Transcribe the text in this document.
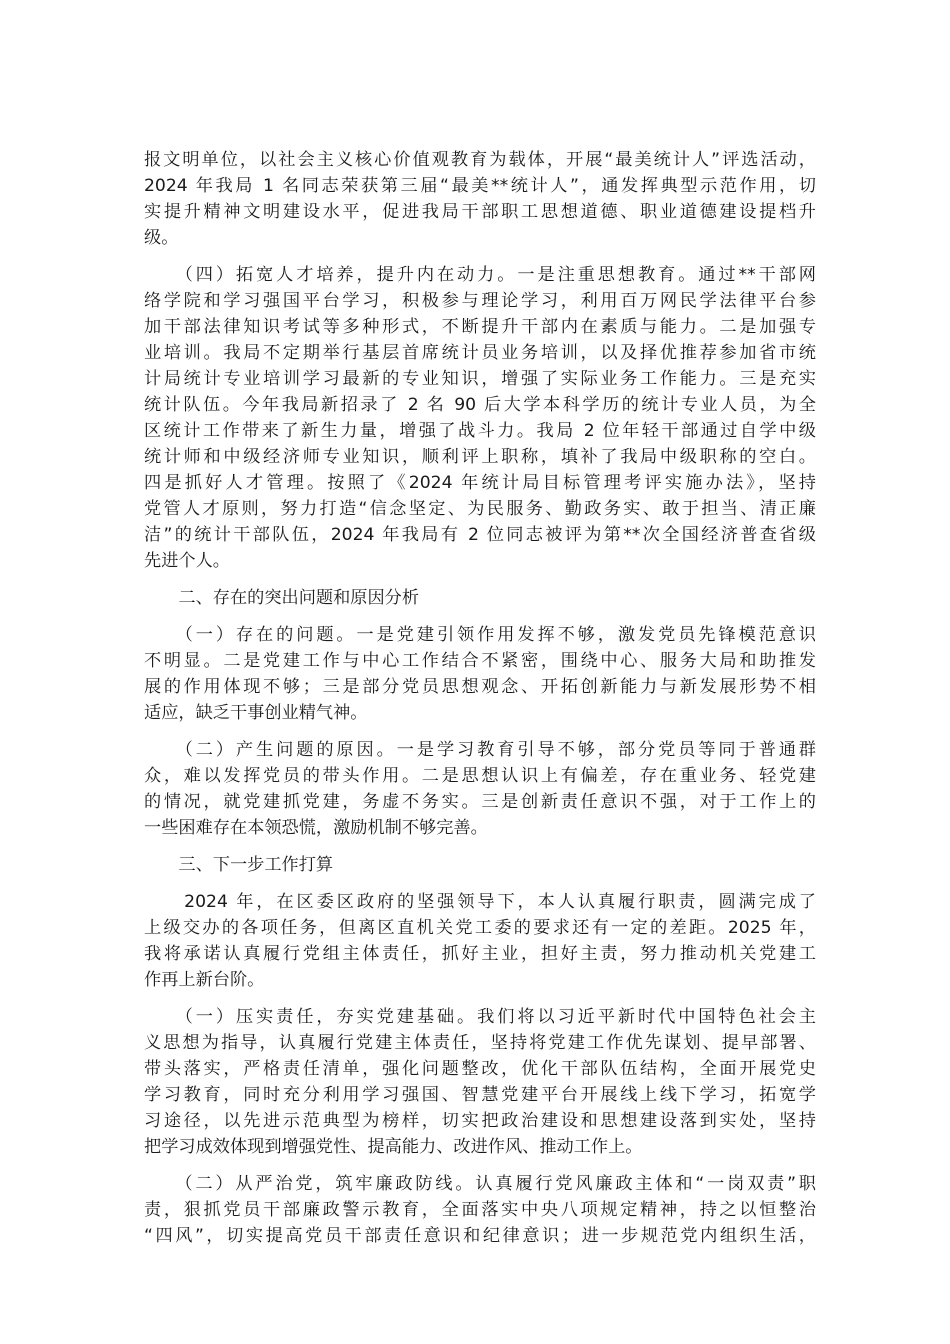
报文明单位，以社会主义核心价值观教育为载体，开展“最美统计人”评选活动，
2024 年我局 1 名同志荣获第三届“最美**统计人”，通发挥典型示范作用，切
实提升精神文明建设水平，促进我局干部职工思想道德、职业道德建设提档升
级。
　　（四）拓宽人才培养，提升内在动力。一是注重思想教育。通过**干部网
络学院和学习强国平台学习，积极参与理论学习，利用百万网民学法律平台参
加干部法律知识考试等多种形式，不断提升干部内在素质与能力。二是加强专
业培训。我局不定期举行基层首席统计员业务培训，以及择优推荐参加省市统
计局统计专业培训学习最新的专业知识，增强了实际业务工作能力。三是充实
统计队伍。今年我局新招录了 2 名 90 后大学本科学历的统计专业人员，为全
区统计工作带来了新生力量，增强了战斗力。我局 2 位年轻干部通过自学中级
统计师和中级经济师专业知识，顺利评上职称，填补了我局中级职称的空白。
四是抓好人才管理。按照了《2024 年统计局目标管理考评实施办法》，坚持
党管人才原则，努力打造“信念坚定、为民服务、勤政务实、敢于担当、清正廉
洁”的统计干部队伍，2024 年我局有 2 位同志被评为第**次全国经济普查省级
先进个人。
　　二、存在的突出问题和原因分析
　　（一）存在的问题。一是党建引领作用发挥不够，激发党员先锋模范意识
不明显。二是党建工作与中心工作结合不紧密，围绕中心、服务大局和助推发
展的作用体现不够；三是部分党员思想观念、开拓创新能力与新发展形势不相
适应，缺乏干事创业精气神。
　　（二）产生问题的原因。一是学习教育引导不够，部分党员等同于普通群
众，难以发挥党员的带头作用。二是思想认识上有偏差，存在重业务、轻党建
的情况，就党建抓党建，务虚不务实。三是创新责任意识不强，对于工作上的
一些困难存在本领恐慌，激励机制不够完善。
　　三、下一步工作打算
　　2024 年，在区委区政府的坚强领导下，本人认真履行职责，圆满完成了
上级交办的各项任务，但离区直机关党工委的要求还有一定的差距。2025 年，
我将承诺认真履行党组主体责任，抓好主业，担好主责，努力推动机关党建工
作再上新台阶。
　　（一）压实责任，夯实党建基础。我们将以习近平新时代中国特色社会主
义思想为指导，认真履行党建主体责任，坚持将党建工作优先谋划、提早部署、
带头落实，严格责任清单，强化问题整改，优化干部队伍结构，全面开展党史
学习教育，同时充分利用学习强国、智慧党建平台开展线上线下学习，拓宽学
习途径，以先进示范典型为榜样，切实把政治建设和思想建设落到实处，坚持
把学习成效体现到增强党性、提高能力、改进作风、推动工作上。
　　（二）从严治党，筑牢廉政防线。认真履行党风廉政主体和“一岗双责”职
责，狠抓党员干部廉政警示教育，全面落实中央八项规定精神，持之以恒整治
“四风”，切实提高党员干部责任意识和纪律意识；进一步规范党内组织生活，
